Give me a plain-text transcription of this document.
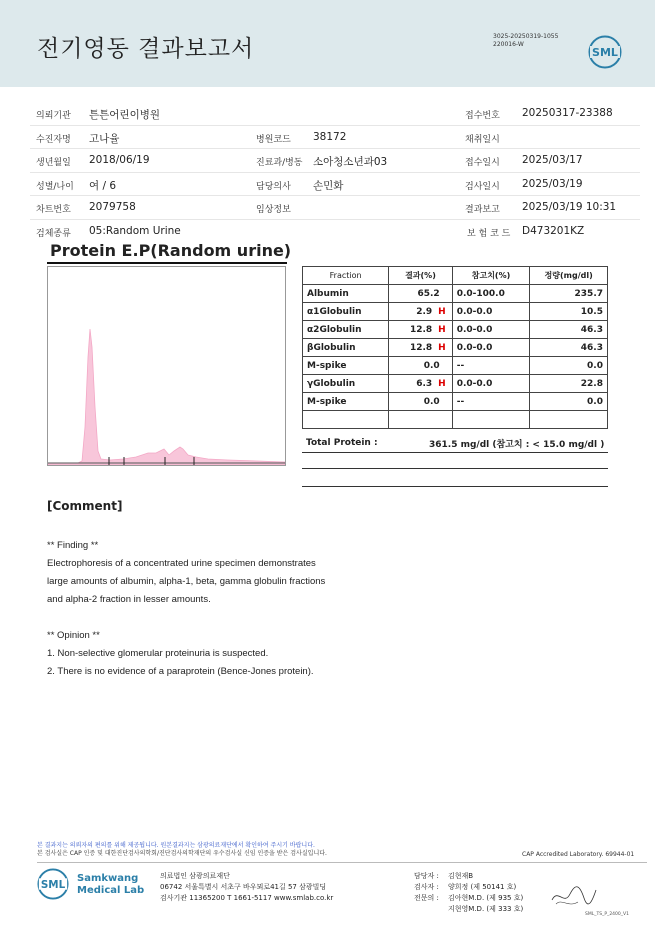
전기영동 결과보고서	3025-20250319-1055
220016-W
SML
의뢰기관 튼튼어린이병원	접수번호 20250317-23388
수진자명 고나율	병원코드 38172	채취일시
생년월일 2018/06/19	진료과/병동 소아청소년과03	접수일시 2025/03/17
성별/나이 여 / 6	담당의사 손민화	검사일시 2025/03/19
차트번호 2079758	임상정보	결과보고 2025/03/19 10:31
검체종류 05:Random Urine	보 험 코 드 D473201KZ
Protein E.P(Random urine)
Fraction	결과(%)	참고치(%)	정량(mg/dl)
Albumin	65.2	0.0-100.0	235.7
α1Globulin	2.9 H	0.0-0.0	10.5
α2Globulin	12.8 H	0.0-0.0	46.3
βGlobulin	12.8 H	0.0-0.0	46.3
M-spike	0.0	--	0.0
γGlobulin	6.3 H	0.0-0.0	22.8
M-spike	0.0	--	0.0

Total Protein :	361.5 mg/dl (참고치 : < 15.0 mg/dl )
[Comment]
** Finding **
Electrophoresis of a concentrated urine specimen demonstrates
large amounts of albumin, alpha-1, beta, gamma globulin fractions
and alpha-2 fraction in lesser amounts.
** Opinion **
1. Non-selective glomerular proteinuria is suspected.
2. There is no evidence of a paraprotein (Bence-Jones protein).
본 결과지는 의뢰자의 편의를 위해 제공됩니다. 원본결과지는 삼광의료재단에서 확인하여 주시기 바랍니다.
본 검사실은 CAP 인증 및 대한진단검사의학회/진단검사의학재단의 우수검사실 신임 인증을 받은 검사실입니다.	CAP Accredited Laboratory. 69944-01
SML
Samkwang
Medical Lab
의료법인 삼광의료재단
06742 서울특별시 서초구 바우뫼로41길 57 삼광빌딩
검사기관 11365200 T 1661-5117 www.smlab.co.kr
담당자 : 김현재B
검사자 : 양희정 (제 50141 호)
전문의 : 김아현M.D. (제 935 호)
지현영M.D. (제 333 호)
SML_TS_P_2400_V1
